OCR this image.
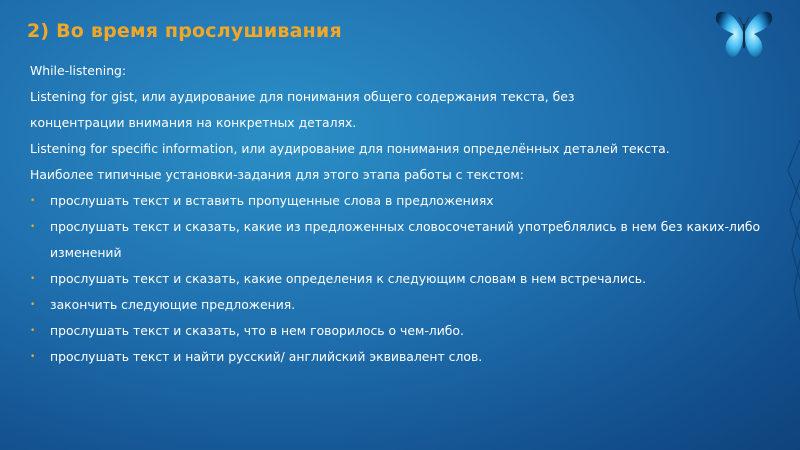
2) Во время прослушивания
While-listening:
Listening for gist, или аудирование для понимания общего содержания текста, без
концентрации внимания на конкретных деталях.
Listening for specific information, или аудирование для понимания определённых деталей текста.
Наиболее типичные установки-задания для этого этапа работы с текстом:
• прослушать текст и вставить пропущенные слова в предложениях
• прослушать текст и сказать, какие из предложенных словосочетаний употреблялись в нем без каких-либо изменений
• прослушать текст и сказать, какие определения к следующим словам в нем встречались.
• закончить следующие предложения.
• прослушать текст и сказать, что в нем говорилось о чем-либо.
• прослушать текст и найти русский/ английский эквивалент слов.
